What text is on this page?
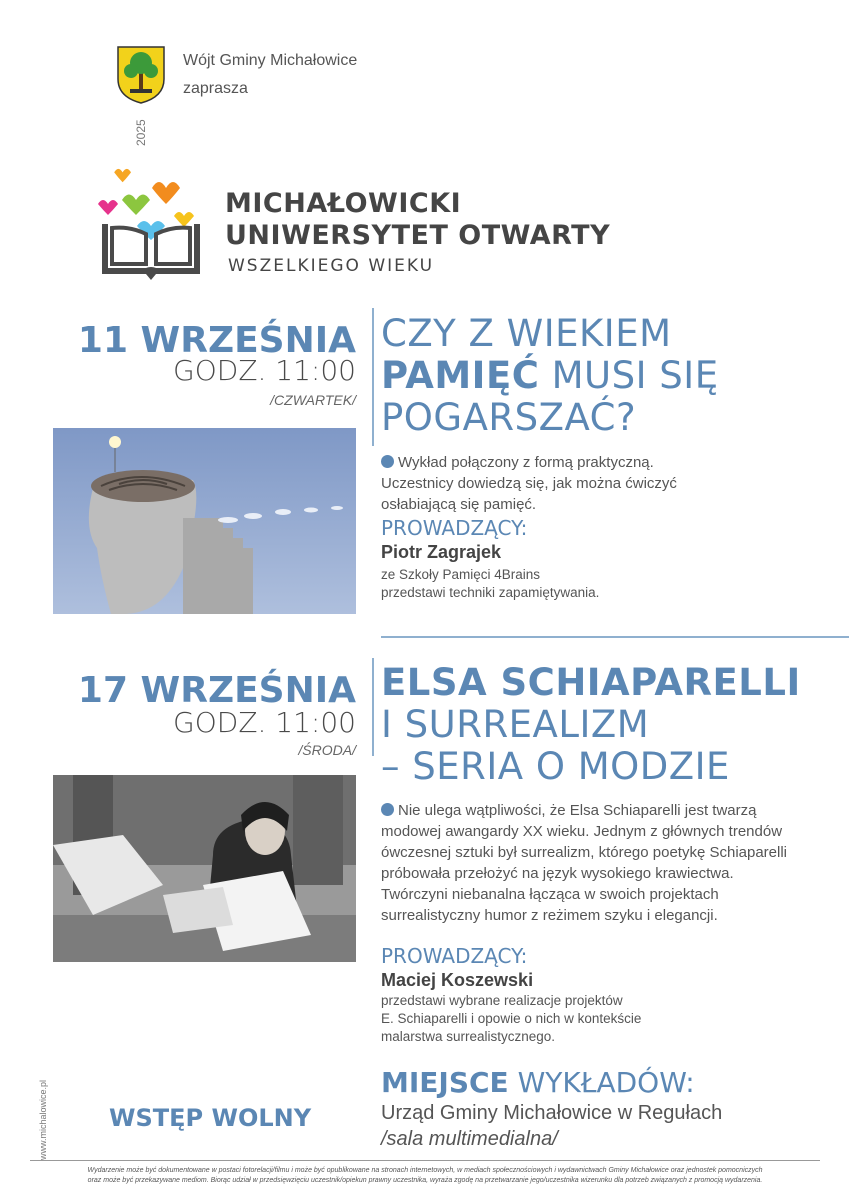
Wójt Gminy Michałowice
zaprasza
2025
MICHAŁOWICKI
UNIWERSYTET OTWARTY
WSZELKIEGO WIEKU
11 WRZEŚNIA
GODZ. 11:00
/CZWARTEK/
CZY Z WIEKIEM
PAMIĘĆ MUSI SIĘ
POGARSZAĆ?
Wykład połączony z formą praktyczną. Uczestnicy dowiedzą się, jak można ćwiczyć osłabiającą się pamięć.
PROWADZĄCY:
Piotr Zagrajek
ze Szkoły Pamięci 4Brains
przedstawi techniki zapamiętywania.
17 WRZEŚNIA
GODZ. 11:00
/ŚRODA/
ELSA SCHIAPARELLI
I SURREALIZM
– SERIA O MODZIE
Nie ulega wątpliwości, że Elsa Schiaparelli jest twarzą modowej awangardy XX wieku. Jednym z głównych trendów ówczesnej sztuki był surrealizm, którego poetykę Schiaparelli próbowała przełożyć na język wysokiego krawiectwa. Twórczyni niebanalna łącząca w swoich projektach surrealistyczny humor z reżimem szyku i elegancji.
PROWADZĄCY:
Maciej Koszewski
przedstawi wybrane realizacje projektów
E. Schiaparelli i opowie o nich w kontekście
malarstwa surrealistycznego.
MIEJSCE WYKŁADÓW:
Urząd Gminy Michałowice w Regułach
/sala multimedialna/
WSTĘP WOLNY
www.michalowice.pl
Wydarzenie może być dokumentowane w postaci fotorelacji/filmu i może być opublikowane na stronach internetowych, w mediach społecznościowych i wydawnictwach Gminy Michałowice oraz jednostek pomocniczych
oraz może być przekazywane mediom. Biorąc udział w przedsięwzięciu uczestnik/opiekun prawny uczestnika, wyraża zgodę na przetwarzanie jego/uczestnika wizerunku dla potrzeb związanych z promocją wydarzenia.
